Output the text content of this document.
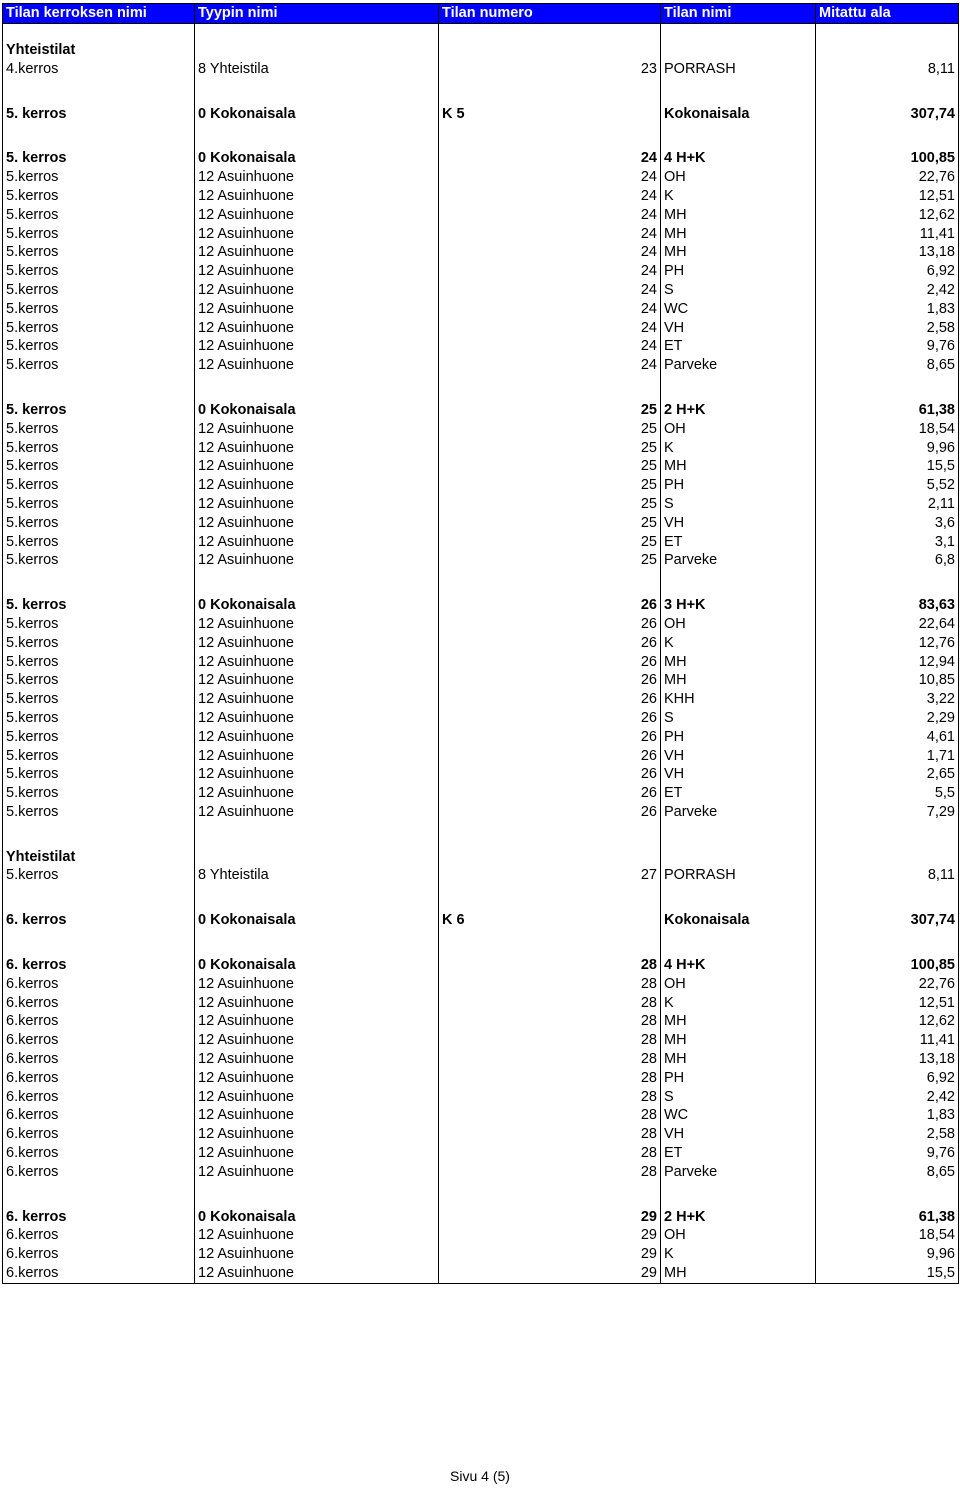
Tilan kerroksen nimi	Tyypin nimi	Tilan numero	Tilan nimi	Mitattu ala

Yhteistilat				
4.kerros	8 Yhteistila	23	PORRASH	8,11

5. kerros	0 Kokonaisala	K 5	Kokonaisala	307,74

5. kerros	0 Kokonaisala	24	4 H+K	100,85
5.kerros	12 Asuinhuone	24	OH	22,76
5.kerros	12 Asuinhuone	24	K	12,51
5.kerros	12 Asuinhuone	24	MH	12,62
5.kerros	12 Asuinhuone	24	MH	11,41
5.kerros	12 Asuinhuone	24	MH	13,18
5.kerros	12 Asuinhuone	24	PH	6,92
5.kerros	12 Asuinhuone	24	S	2,42
5.kerros	12 Asuinhuone	24	WC	1,83
5.kerros	12 Asuinhuone	24	VH	2,58
5.kerros	12 Asuinhuone	24	ET	9,76
5.kerros	12 Asuinhuone	24	Parveke	8,65

5. kerros	0 Kokonaisala	25	2 H+K	61,38
5.kerros	12 Asuinhuone	25	OH	18,54
5.kerros	12 Asuinhuone	25	K	9,96
5.kerros	12 Asuinhuone	25	MH	15,5
5.kerros	12 Asuinhuone	25	PH	5,52
5.kerros	12 Asuinhuone	25	S	2,11
5.kerros	12 Asuinhuone	25	VH	3,6
5.kerros	12 Asuinhuone	25	ET	3,1
5.kerros	12 Asuinhuone	25	Parveke	6,8

5. kerros	0 Kokonaisala	26	3 H+K	83,63
5.kerros	12 Asuinhuone	26	OH	22,64
5.kerros	12 Asuinhuone	26	K	12,76
5.kerros	12 Asuinhuone	26	MH	12,94
5.kerros	12 Asuinhuone	26	MH	10,85
5.kerros	12 Asuinhuone	26	KHH	3,22
5.kerros	12 Asuinhuone	26	S	2,29
5.kerros	12 Asuinhuone	26	PH	4,61
5.kerros	12 Asuinhuone	26	VH	1,71
5.kerros	12 Asuinhuone	26	VH	2,65
5.kerros	12 Asuinhuone	26	ET	5,5
5.kerros	12 Asuinhuone	26	Parveke	7,29

Yhteistilat				
5.kerros	8 Yhteistila	27	PORRASH	8,11

6. kerros	0 Kokonaisala	K 6	Kokonaisala	307,74

6. kerros	0 Kokonaisala	28	4 H+K	100,85
6.kerros	12 Asuinhuone	28	OH	22,76
6.kerros	12 Asuinhuone	28	K	12,51
6.kerros	12 Asuinhuone	28	MH	12,62
6.kerros	12 Asuinhuone	28	MH	11,41
6.kerros	12 Asuinhuone	28	MH	13,18
6.kerros	12 Asuinhuone	28	PH	6,92
6.kerros	12 Asuinhuone	28	S	2,42
6.kerros	12 Asuinhuone	28	WC	1,83
6.kerros	12 Asuinhuone	28	VH	2,58
6.kerros	12 Asuinhuone	28	ET	9,76
6.kerros	12 Asuinhuone	28	Parveke	8,65

6. kerros	0 Kokonaisala	29	2 H+K	61,38
6.kerros	12 Asuinhuone	29	OH	18,54
6.kerros	12 Asuinhuone	29	K	9,96
6.kerros	12 Asuinhuone	29	MH	15,5
Sivu 4 (5)
